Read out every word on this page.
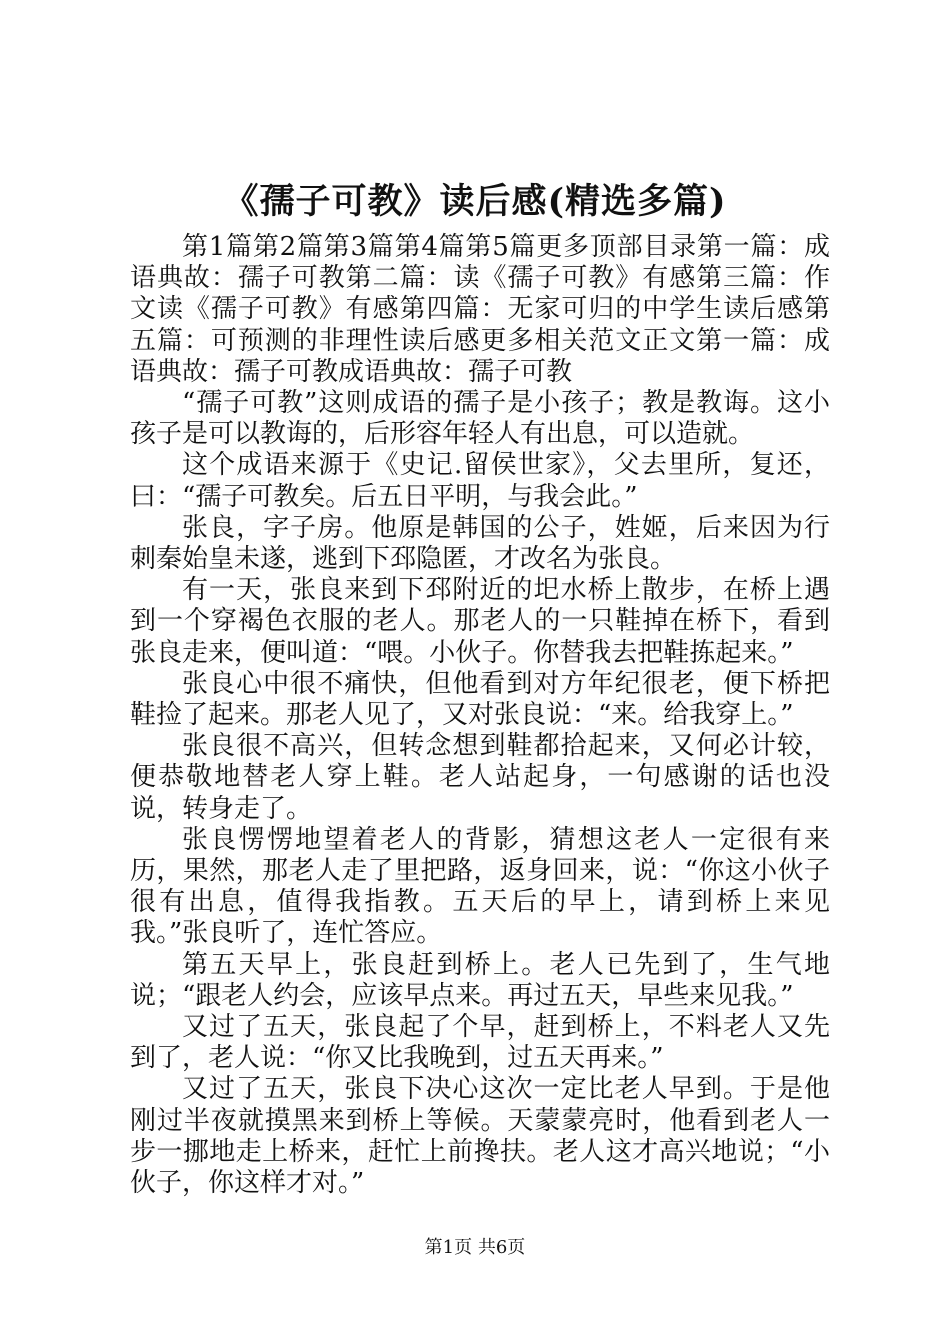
《孺子可教》读后感(精选多篇)

第1篇第2篇第3篇第4篇第5篇更多顶部目录第一篇：成语典故：孺子可教第二篇：读《孺子可教》有感第三篇：作文读《孺子可教》有感第四篇：无家可归的中学生读后感第五篇：可预测的非理性读后感更多相关范文正文第一篇：成语典故：孺子可教成语典故：孺子可教

“孺子可教”这则成语的孺子是小孩子；教是教诲。这小孩子是可以教诲的，后形容年轻人有出息，可以造就。

这个成语来源于《史记.留侯世家》，父去里所，复还，曰：“孺子可教矣。后五日平明，与我会此。”

张良，字子房。他原是韩国的公子，姓姬，后来因为行刺秦始皇未遂，逃到下邳隐匿，才改名为张良。

有一天，张良来到下邳附近的圯水桥上散步，在桥上遇到一个穿褐色衣服的老人。那老人的一只鞋掉在桥下，看到张良走来，便叫道：“喂。小伙子。你替我去把鞋拣起来。”

张良心中很不痛快，但他看到对方年纪很老，便下桥把鞋捡了起来。那老人见了，又对张良说：“来。给我穿上。”

张良很不高兴，但转念想到鞋都拾起来，又何必计较，便恭敬地替老人穿上鞋。老人站起身，一句感谢的话也没说，转身走了。

张良愣愣地望着老人的背影，猜想这老人一定很有来历，果然，那老人走了里把路，返身回来，说：“你这小伙子很有出息，值得我指教。五天后的早上，请到桥上来见我。”张良听了，连忙答应。

第五天早上，张良赶到桥上。老人已先到了，生气地说；“跟老人约会，应该早点来。再过五天，早些来见我。”

又过了五天，张良起了个早，赶到桥上，不料老人又先到了，老人说：“你又比我晚到，过五天再来。”

又过了五天，张良下决心这次一定比老人早到。于是他刚过半夜就摸黑来到桥上等候。天蒙蒙亮时，他看到老人一步一挪地走上桥来，赶忙上前搀扶。老人这才高兴地说；“小伙子，你这样才对。”

第1页 共6页
